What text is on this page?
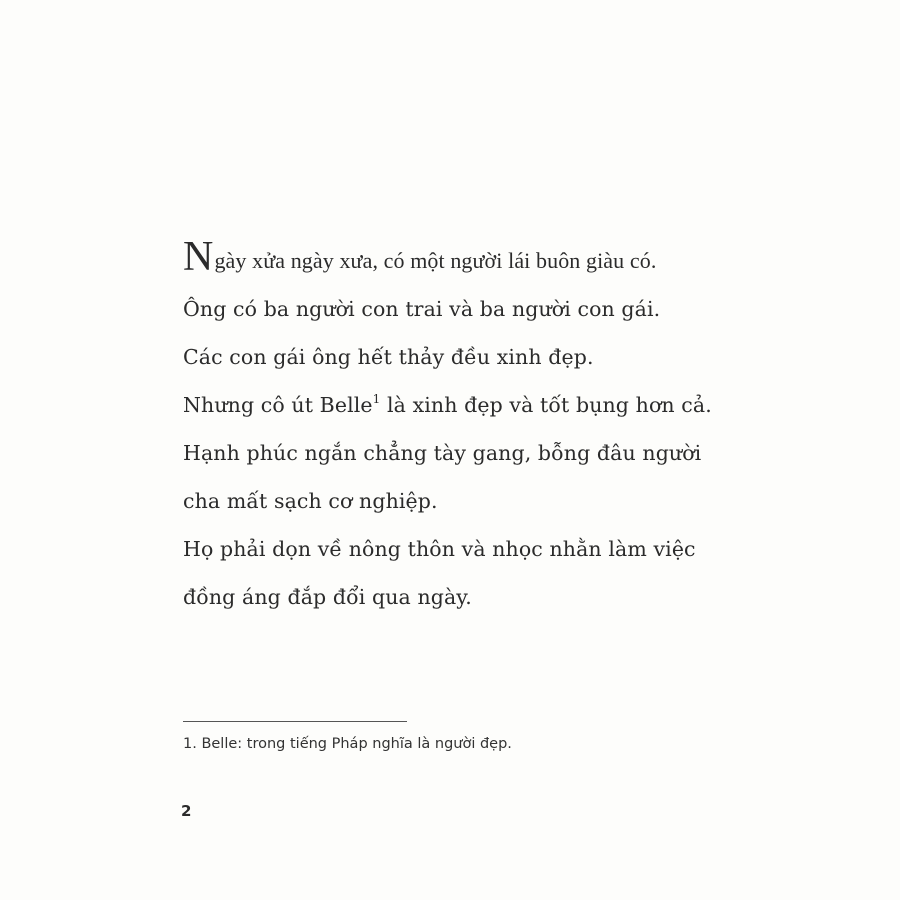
Ngày xửa ngày xưa, có một người lái buôn giàu có.

Ông có ba người con trai và ba người con gái.

Các con gái ông hết thảy đều xinh đẹp.

Nhưng cô út Belle$^1$ là xinh đẹp và tốt bụng hơn cả.

Hạnh phúc ngắn chẳng tày gang, bỗng đâu người

cha mất sạch cơ nghiệp.

Họ phải dọn về nông thôn và nhọc nhằn làm việc

đồng áng đắp đổi qua ngày.

1. Belle: trong tiếng Pháp nghĩa là người đẹp.
2
